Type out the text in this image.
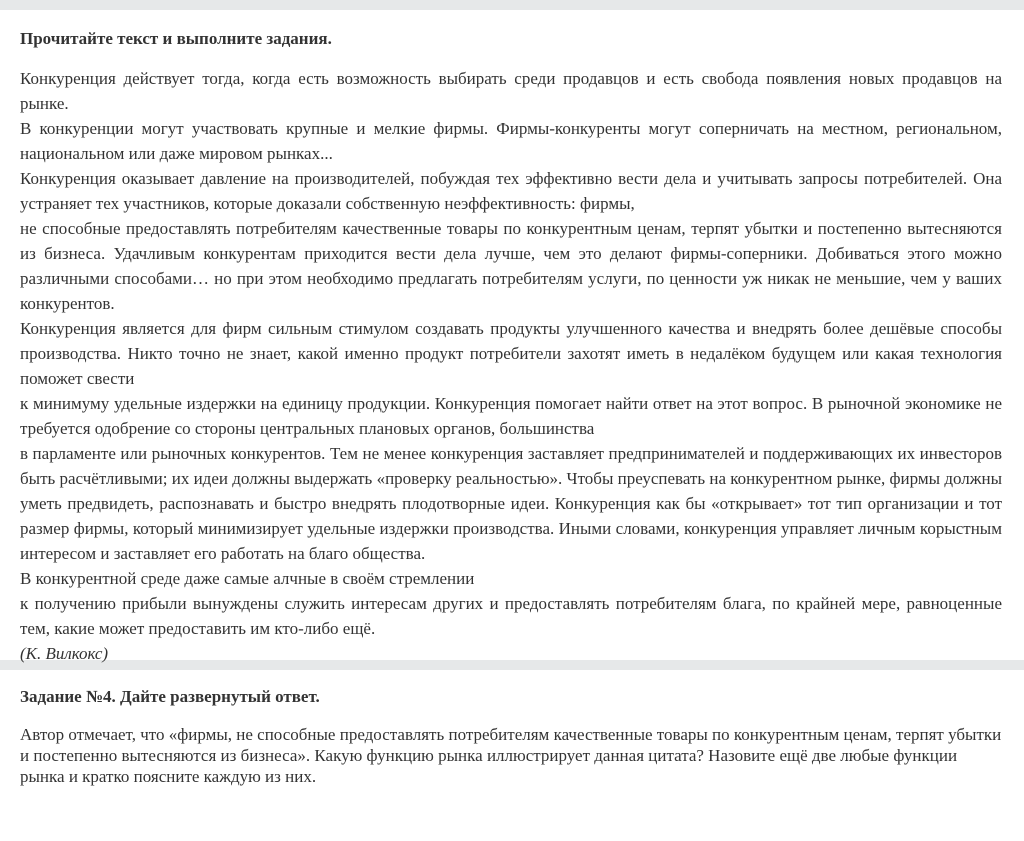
Прочитайте текст и выполните задания.

Конкуренция действует тогда, когда есть возможность выбирать среди продавцов и есть свобода появления новых продавцов на рынке.

В конкуренции могут участвовать крупные и мелкие фирмы. Фирмы-конкуренты могут соперничать на местном, региональном, национальном или даже мировом рынках...

Конкуренция оказывает давление на производителей, побуждая тех эффективно вести дела и учитывать запросы потребителей. Она устраняет тех участников, которые доказали собственную неэффективность: фирмы,

не способные предоставлять потребителям качественные товары по конкурентным ценам, терпят убытки и постепенно вытесняются из бизнеса. Удачливым конкурентам приходится вести дела лучше, чем это делают фирмы-соперники. Добиваться этого можно различными способами… но при этом необходимо предлагать потребителям услуги, по ценности уж никак не меньшие, чем у ваших конкурентов.

Конкуренция является для фирм сильным стимулом создавать продукты улучшенного качества и внедрять более дешёвые способы производства. Никто точно не знает, какой именно продукт потребители захотят иметь в недалёком будущем или какая технология поможет свести

к минимуму удельные издержки на единицу продукции. Конкуренция помогает найти ответ на этот вопрос. В рыночной экономике не требуется одобрение со стороны центральных плановых органов, большинства

в парламенте или рыночных конкурентов. Тем не менее конкуренция заставляет предпринимателей и поддерживающих их инвесторов быть расчётливыми; их идеи должны выдержать «проверку реальностью». Чтобы преуспевать на конкурентном рынке, фирмы должны уметь предвидеть, распознавать и быстро внедрять плодотворные идеи. Конкуренция как бы «открывает» тот тип организации и тот размер фирмы, который минимизирует удельные издержки производства. Иными словами, конкуренция управляет личным корыстным интересом и заставляет его работать на благо общества.

В конкурентной среде даже самые алчные в своём стремлении

к получению прибыли вынуждены служить интересам других и предоставлять потребителям блага, по крайней мере, равноценные тем, какие может предоставить им кто-либо ещё.

(К. Вилкокс)

Задание №4. Дайте развернутый ответ.

Автор отмечает, что «фирмы, не способные предоставлять потребителям качественные товары по конкурентным ценам, терпят убытки и постепенно вытесняются из бизнеса». Какую функцию рынка иллюстрирует данная цитата? Назовите ещё две любые функции рынка и кратко поясните каждую из них.
